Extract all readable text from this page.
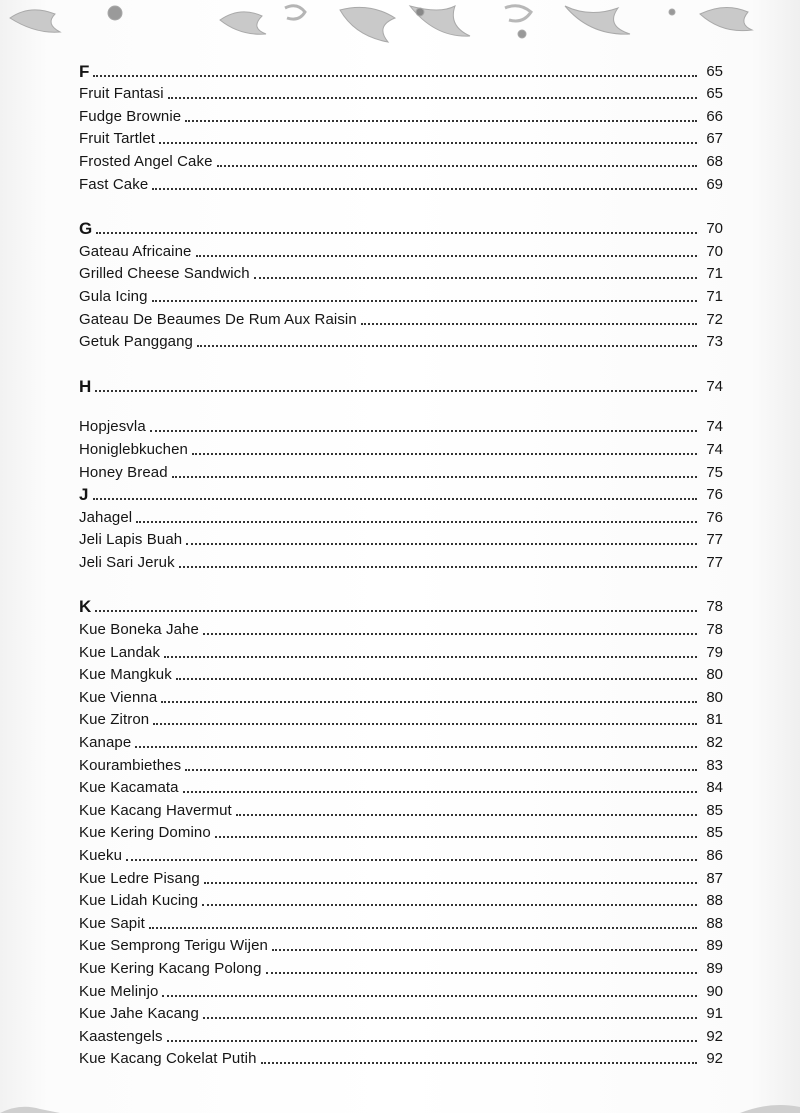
F	65
Fruit Fantasi	65
Fudge Brownie	66
Fruit Tartlet	67
Frosted Angel Cake	68
Fast Cake	69
G	70
Gateau Africaine	70
Grilled Cheese Sandwich	71
Gula Icing	71
Gateau De Beaumes De Rum Aux Raisin	72
Getuk Panggang	73
H	74
Hopjesvla	74
Honiglebkuchen	74
Honey Bread	75
J	76
Jahagel	76
Jeli Lapis Buah	77
Jeli Sari Jeruk	77
K	78
Kue Boneka Jahe	78
Kue Landak	79
Kue Mangkuk	80
Kue Vienna	80
Kue Zitron	81
Kanape	82
Kourambiethes	83
Kue Kacamata	84
Kue Kacang Havermut	85
Kue Kering Domino	85
Kueku	86
Kue Ledre Pisang	87
Kue Lidah Kucing	88
Kue Sapit	88
Kue Semprong Terigu Wijen	89
Kue Kering Kacang Polong	89
Kue Melinjo	90
Kue Jahe Kacang	91
Kaastengels	92
Kue Kacang Cokelat Putih	92
